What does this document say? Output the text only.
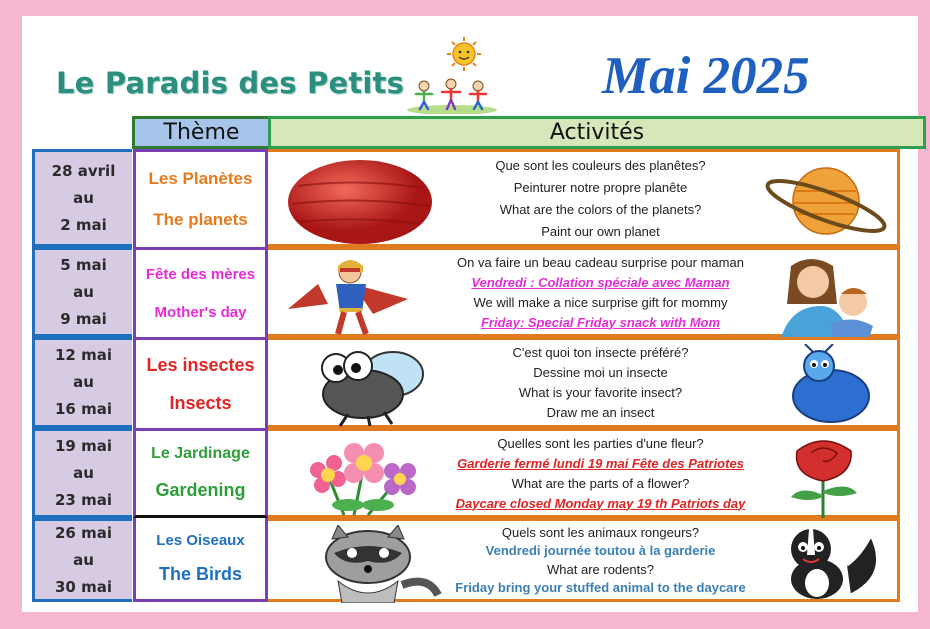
Le Paradis des Petits	Mai 2025
Thème	Activités
28 avril
au
2 mai
Les Planètes
The planets
Que sont les couleurs des planêtes?
Peinturer notre propre planête
What are the colors of the planets?
Paint our own planet
5 mai
au
9 mai
Fête des mères
Mother's day
On va faire un beau cadeau surprise pour maman
Vendredi : Collation spéciale avec Maman
We will make a nice surprise gift for mommy
Friday: Special Friday snack with Mom
12 mai
au
16 mai
Les insectes
Insects
C'est quoi ton insecte préféré?
Dessine moi un insecte
What is your favorite insect?
Draw me an insect
19 mai
au
23 mai
Le Jardinage
Gardening
Quelles sont les parties d'une fleur?
Garderie fermé lundi 19 mai Fête des Patriotes
What are the parts of a flower?
Daycare closed Monday may 19 th Patriots day
26 mai
au
30 mai
Les Oiseaux
The Birds
Quels sont les animaux rongeurs?
Vendredi journée toutou à la garderie
What are rodents?
Friday bring your stuffed animal to the daycare
